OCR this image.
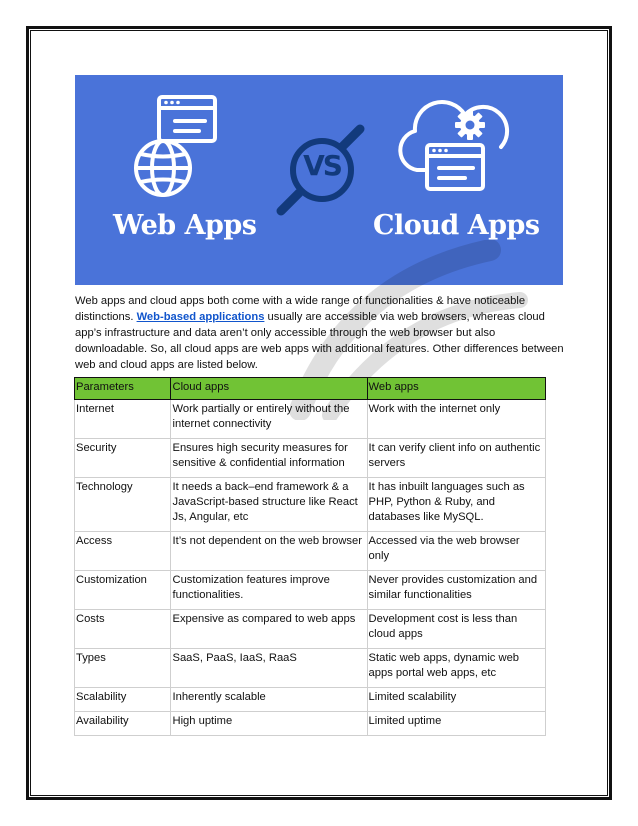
VS
Web Apps	Cloud Apps

Web apps and cloud apps both come with a wide range of functionalities & have noticeable distinctions. Web-based applications usually are accessible via web browsers, whereas cloud app’s infrastructure and data aren’t only accessible through the web browser but also downloadable. So, all cloud apps are web apps with additional features. Other differences between web and cloud apps are listed below.

Parameters	Cloud apps	Web apps
Internet	Work partially or entirely without the internet connectivity	Work with the internet only
Security	Ensures high security measures for sensitive & confidential information	It can verify client info on authentic servers
Technology	It needs a back–end framework & a JavaScript-based structure like React Js, Angular, etc	It has inbuilt languages such as PHP, Python & Ruby, and databases like MySQL.
Access	It’s not dependent on the web browser	Accessed via the web browser only
Customization	Customization features improve functionalities.	Never provides customization and similar functionalities
Costs	Expensive as compared to web apps	Development cost is less than cloud apps
Types	SaaS, PaaS, IaaS, RaaS	Static web apps, dynamic web apps portal web apps, etc
Scalability	Inherently scalable	Limited scalability
Availability	High uptime	Limited uptime
